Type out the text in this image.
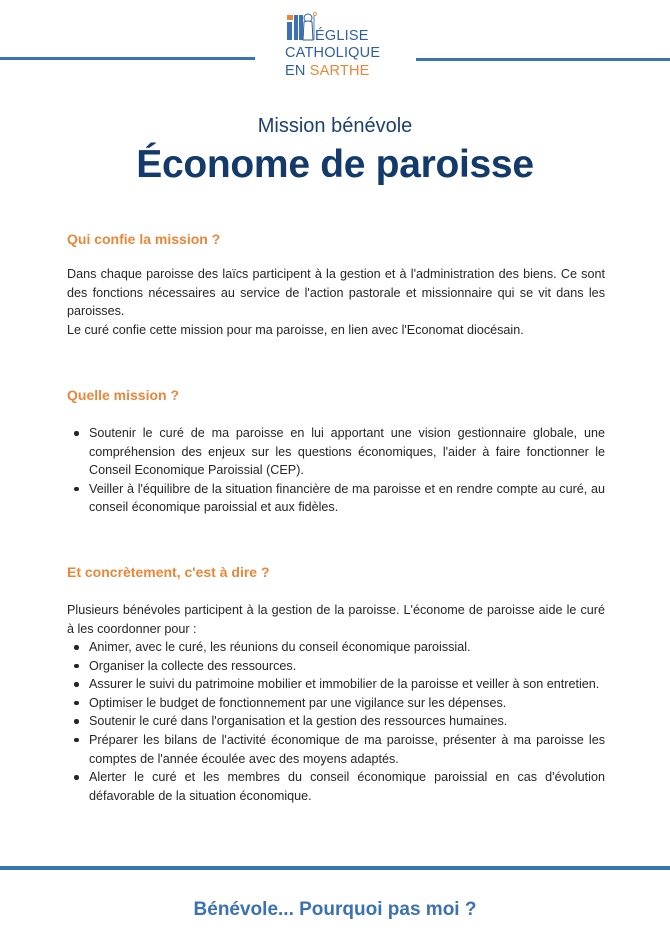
ÉGLISE
CATHOLIQUE
EN SARTHE
Mission bénévole
Économe de paroisse
Qui confie la mission ?

Dans chaque paroisse des laïcs participent à la gestion et à l'administration des biens. Ce sont des fonctions nécessaires au service de l'action pastorale et missionnaire qui se vit dans les paroisses.

Le curé confie cette mission pour ma paroisse, en lien avec l'Economat diocésain.

Quelle mission ?
Soutenir le curé de ma paroisse en lui apportant une vision gestionnaire globale, une compréhension des enjeux sur les questions économiques, l'aider à faire fonctionner le Conseil Economique Paroissial (CEP).
Veiller à l'équilibre de la situation financière de ma paroisse et en rendre compte au curé, au conseil économique paroissial et aux fidèles.
Et concrètement, c'est à dire ?

Plusieurs bénévoles participent à la gestion de la paroisse. L'économe de paroisse aide le curé à les coordonner pour :

Animer, avec le curé, les réunions du conseil économique paroissial.
Organiser la collecte des ressources.
Assurer le suivi du patrimoine mobilier et immobilier de la paroisse et veiller à son entretien.
Optimiser le budget de fonctionnement par une vigilance sur les dépenses.
Soutenir le curé dans l'organisation et la gestion des ressources humaines.
Préparer les bilans de l'activité économique de ma paroisse, présenter à ma paroisse les comptes de l'année écoulée avec des moyens adaptés.
Alerter le curé et les membres du conseil économique paroissial en cas d'évolution défavorable de la situation économique.
Bénévole... Pourquoi pas moi ?
